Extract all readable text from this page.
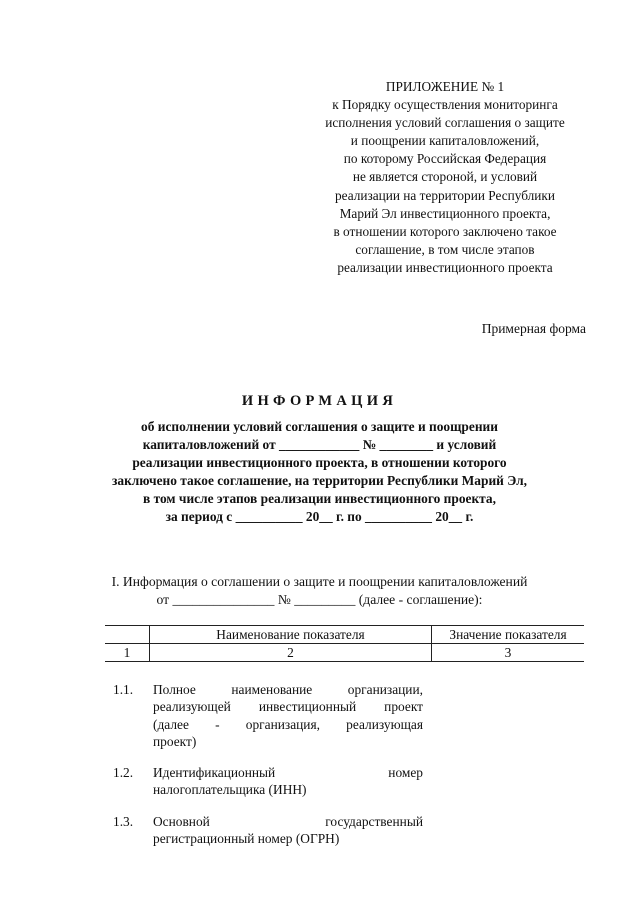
ПРИЛОЖЕНИЕ № 1
к Порядку осуществления мониторинга
исполнения условий соглашения о защите
и поощрении капиталовложений,
по которому Российская Федерация
не является стороной, и условий
реализации на территории Республики
Марий Эл инвестиционного проекта,
в отношении которого заключено такое
соглашение, в том числе этапов
реализации инвестиционного проекта
Примерная форма
ИНФОРМАЦИЯ
об исполнении условий соглашения о защите и поощрении
капиталовложений от ____________ № ________ и условий
реализации инвестиционного проекта, в отношении которого
заключено такое соглашение, на территории Республики Марий Эл,
в том числе этапов реализации инвестиционного проекта,
за период с __________ 20__ г. по __________ 20__ г.
I. Информация о соглашении о защите и поощрении капиталовложений
от _______________ № _________ (далее - соглашение):
	Наименование показателя	Значение показателя
1	2	3
1.1.	Полное наименование организации,
реализующей инвестиционный проект
(далее - организация, реализующая
проект)
1.2.	Идентификационный номер
налогоплательщика (ИНН)
1.3.	Основной государственный
регистрационный номер (ОГРН)
